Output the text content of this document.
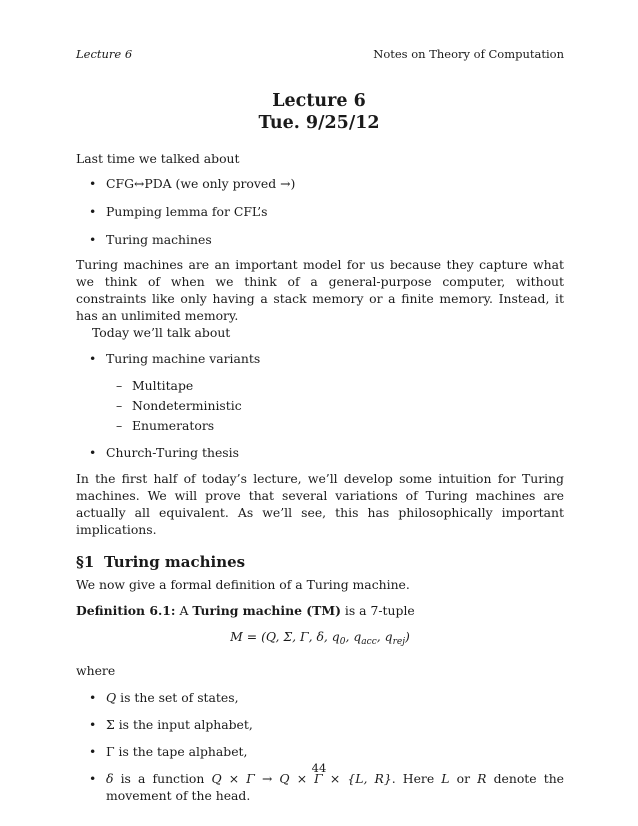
Lecture 6	Notes on Theory of Computation
Lecture 6
Tue. 9/25/12

Last time we talked about

• CFG↔PDA (we only proved →)
• Pumping lemma for CFL’s
• Turing machines

Turing machines are an important model for us because they capture what we think of when we think of a general-purpose computer, without constraints like only having a stack memory or a finite memory. Instead, it has an unlimited memory.

Today we’ll talk about

• Turing machine variants
– Multitape
– Nondeterministic
– Enumerators
• Church-Turing thesis

In the first half of today’s lecture, we’ll develop some intuition for Turing machines. We will prove that several variations of Turing machines are actually all equivalent. As we’ll see, this has philosophically important implications.

§1 Turing machines

We now give a formal definition of a Turing machine.

Definition 6.1: A Turing machine (TM) is a 7-tuple

M = (Q, Σ, Γ, δ, $q_0$, $q_{acc}$, $q_{rej}$)

where

• Q is the set of states,
• Σ is the input alphabet,
• Γ is the tape alphabet,
• δ is a function Q × Γ → Q × Γ × {L, R}. Here L or R denote the movement of the head.
44
